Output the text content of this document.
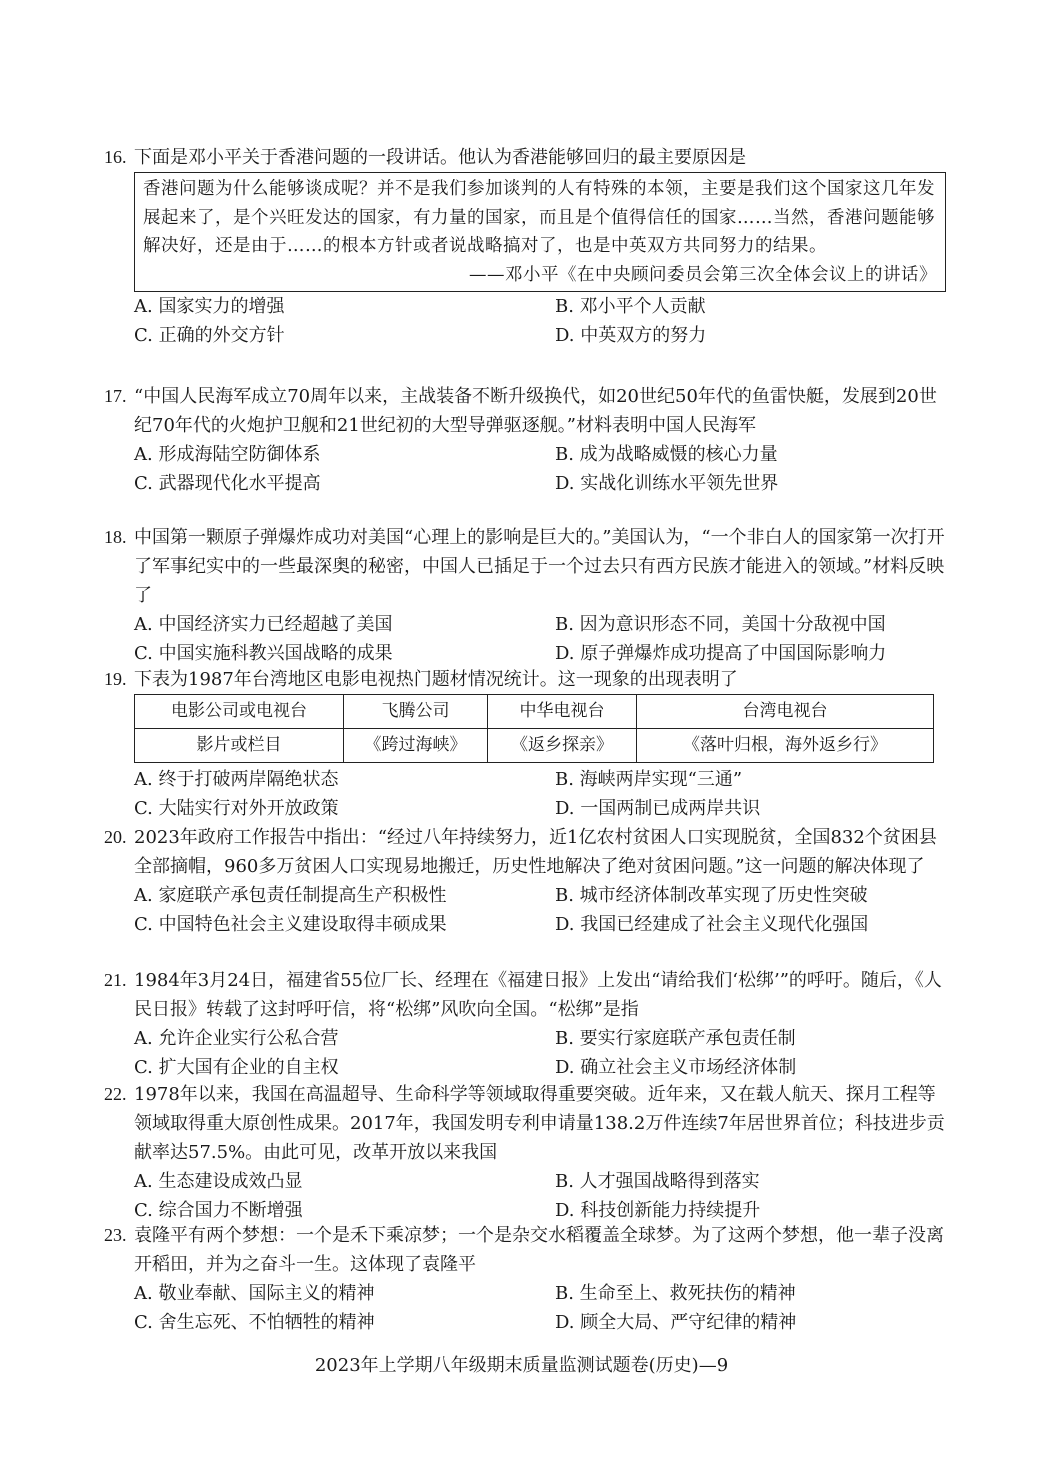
16. 下面是邓小平关于香港问题的一段讲话。他认为香港能够回归的最主要原因是
香港问题为什么能够谈成呢？并不是我们参加谈判的人有特殊的本领，主要是我们这个国家这几年发展起来了，是个兴旺发达的国家，有力量的国家，而且是个值得信任的国家……当然，香港问题能够解决好，还是由于……的根本方针或者说战略搞对了，也是中英双方共同努力的结果。
——邓小平《在中央顾问委员会第三次全体会议上的讲话》
A. 国家实力的增强	B. 邓小平个人贡献
C. 正确的外交方针	D. 中英双方的努力
17. “中国人民海军成立70周年以来，主战装备不断升级换代，如20世纪50年代的鱼雷快艇，发展到20世纪70年代的火炮护卫舰和21世纪初的大型导弹驱逐舰。”材料表明中国人民海军
A. 形成海陆空防御体系	B. 成为战略威慑的核心力量
C. 武器现代化水平提高	D. 实战化训练水平领先世界
18. 中国第一颗原子弹爆炸成功对美国“心理上的影响是巨大的。”美国认为，“一个非白人的国家第一次打开了军事纪实中的一些最深奥的秘密，中国人已插足于一个过去只有西方民族才能进入的领域。”材料反映了
A. 中国经济实力已经超越了美国	B. 因为意识形态不同，美国十分敌视中国
C. 中国实施科教兴国战略的成果	D. 原子弹爆炸成功提高了中国国际影响力
19. 下表为1987年台湾地区电影电视热门题材情况统计。这一现象的出现表明了
电影公司或电视台	飞腾公司	中华电视台	台湾电视台
影片或栏目	《跨过海峡》	《返乡探亲》	《落叶归根，海外返乡行》
A. 终于打破两岸隔绝状态	B. 海峡两岸实现“三通”
C. 大陆实行对外开放政策	D. 一国两制已成两岸共识
20. 2023年政府工作报告中指出：“经过八年持续努力，近1亿农村贫困人口实现脱贫，全国832个贫困县全部摘帽，960多万贫困人口实现易地搬迁，历史性地解决了绝对贫困问题。”这一问题的解决体现了
A. 家庭联产承包责任制提高生产积极性	B. 城市经济体制改革实现了历史性突破
C. 中国特色社会主义建设取得丰硕成果	D. 我国已经建成了社会主义现代化强国
21. 1984年3月24日，福建省55位厂长、经理在《福建日报》上发出“请给我们‘松绑’”的呼吁。随后，《人民日报》转载了这封呼吁信，将“松绑”风吹向全国。“松绑”是指
A. 允许企业实行公私合营	B. 要实行家庭联产承包责任制
C. 扩大国有企业的自主权	D. 确立社会主义市场经济体制
22. 1978年以来，我国在高温超导、生命科学等领域取得重要突破。近年来，又在载人航天、探月工程等领域取得重大原创性成果。2017年，我国发明专利申请量138.2万件连续7年居世界首位；科技进步贡献率达57.5%。由此可见，改革开放以来我国
A. 生态建设成效凸显	B. 人才强国战略得到落实
C. 综合国力不断增强	D. 科技创新能力持续提升
23. 袁隆平有两个梦想：一个是禾下乘凉梦；一个是杂交水稻覆盖全球梦。为了这两个梦想，他一辈子没离开稻田，并为之奋斗一生。这体现了袁隆平
A. 敬业奉献、国际主义的精神	B. 生命至上、救死扶伤的精神
C. 舍生忘死、不怕牺牲的精神	D. 顾全大局、严守纪律的精神
2023年上学期八年级期末质量监测试题卷(历史)—9
